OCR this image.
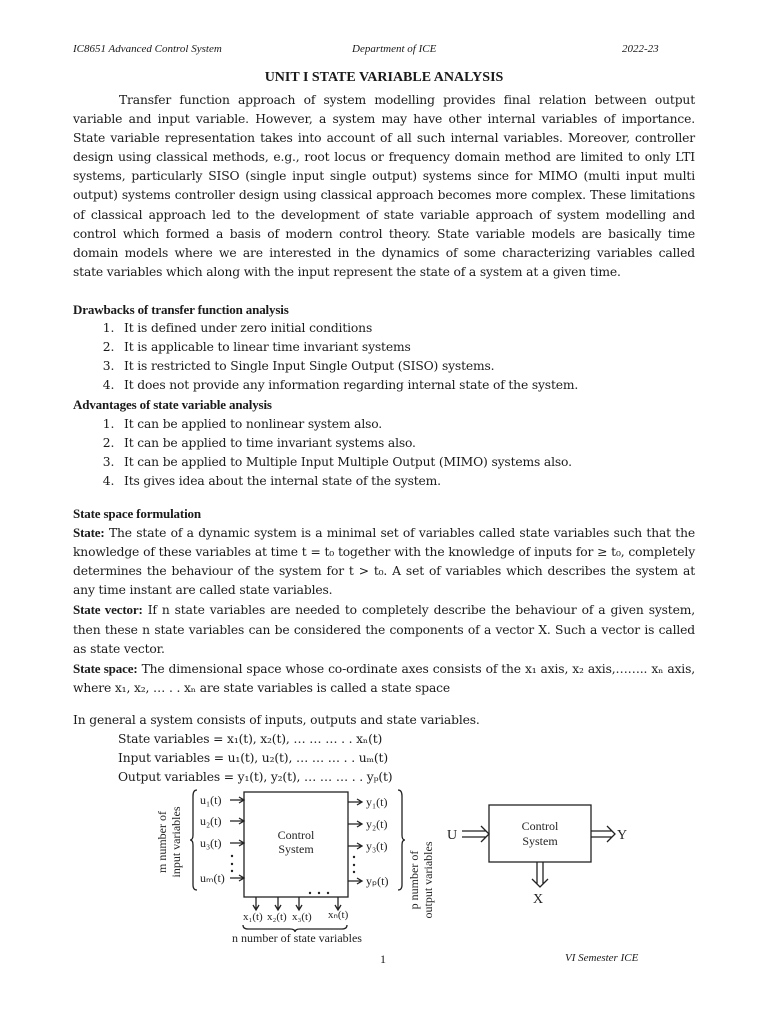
IC8651 Advanced Control System	Department of ICE	2022-23
UNIT I STATE VARIABLE ANALYSIS
Transfer function approach of system modelling provides final relation between output variable and input variable. However, a system may have other internal variables of importance. State variable representation takes into account of all such internal variables. Moreover, controller design using classical methods, e.g., root locus or frequency domain method are limited to only LTI systems, particularly SISO (single input single output) systems since for MIMO (multi input multi output) systems controller design using classical approach becomes more complex. These limitations of classical approach led to the development of state variable approach of system modelling and control which formed a basis of modern control theory. State variable models are basically time domain models where we are interested in the dynamics of some characterizing variables called state variables which along with the input represent the state of a system at a given time.
Drawbacks of transfer function analysis
1. It is defined under zero initial conditions
2. It is applicable to linear time invariant systems
3. It is restricted to Single Input Single Output (SISO) systems.
4. It does not provide any information regarding internal state of the system.
Advantages of state variable analysis
1. It can be applied to nonlinear system also.
2. It can be applied to time invariant systems also.
3. It can be applied to Multiple Input Multiple Output (MIMO) systems also.
4. Its gives idea about the internal state of the system.
State space formulation
State: The state of a dynamic system is a minimal set of variables called state variables such that the knowledge of these variables at time t = t₀ together with the knowledge of inputs for ≥ t₀, completely determines the behaviour of the system for t > t₀. A set of variables which describes the system at any time instant are called state variables.
State vector: If n state variables are needed to completely describe the behaviour of a given system, then these n state variables can be considered the components of a vector X. Such a vector is called as state vector.
State space: The dimensional space whose co-ordinate axes consists of the x₁ axis, x₂ axis,…….. xₙ axis, where x₁, x₂, … . . xₙ are state variables is called a state space
In general a system consists of inputs, outputs and state variables.
State variables = x₁(t), x₂(t), … … … . . xₙ(t)
Input variables = u₁(t), u₂(t), … … … . . uₘ(t)
Output variables = y₁(t), y₂(t), … … … . . yₚ(t)
Control
System
u₁(t)
u₂(t)
u₃(t)
uₘ(t)
y₁(t)
y₂(t)
y₃(t)
yₚ(t)
x₁(t) x₂(t) x₃(t) xₙ(t)
n number of state variables
m number of input variables
p number of output variables
Control
System
U	Y
X
1	VI Semester ICE
